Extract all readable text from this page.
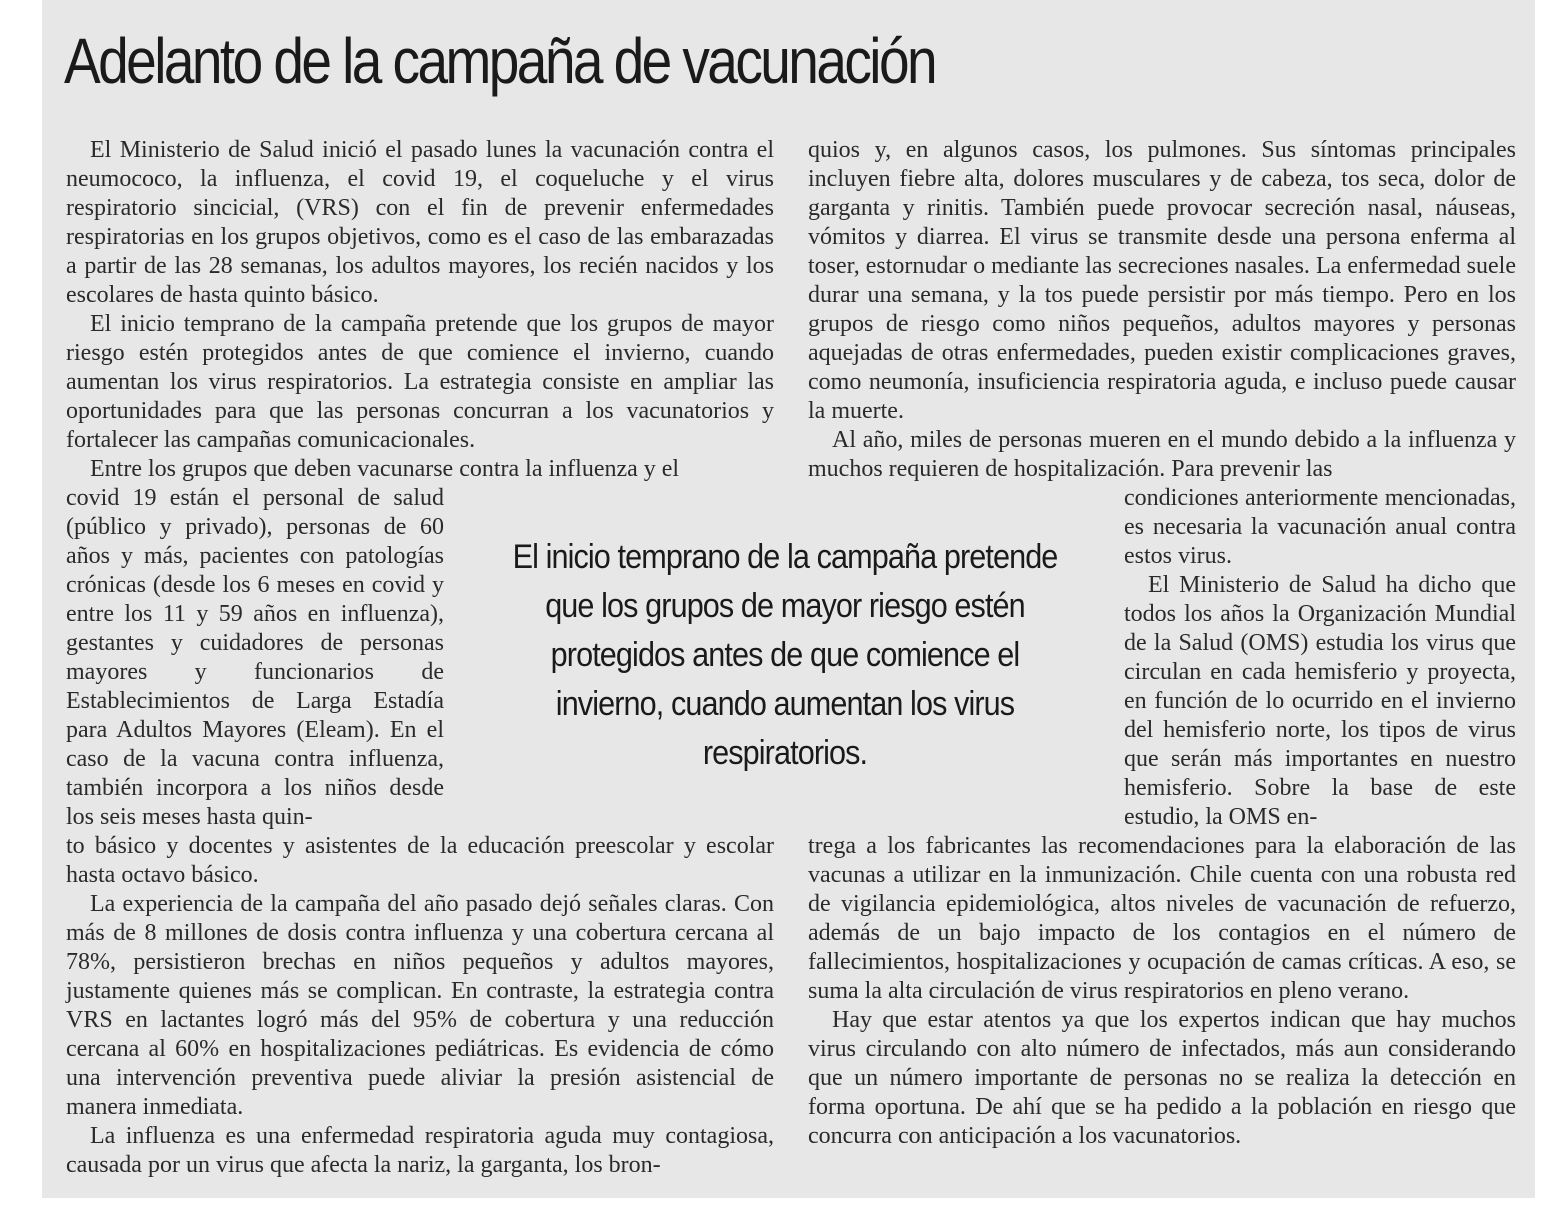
Adelanto de la campaña de vacunación

El Ministerio de Salud inició el pasado lunes la vacunación contra el neumococo, la influenza, el covid 19, el coqueluche y el virus respiratorio sincicial, (VRS) con el fin de prevenir enfermedades respiratorias en los grupos objetivos, como es el caso de las embarazadas a partir de las 28 semanas, los adultos mayores, los recién nacidos y los escolares de hasta quinto básico.

El inicio temprano de la campaña pretende que los grupos de mayor riesgo estén protegidos antes de que comience el invierno, cuando aumentan los virus respiratorios. La estrategia consiste en ampliar las oportunidades para que las personas concurran a los vacunatorios y fortalecer las campañas comunicacionales.

Entre los grupos que deben vacunarse contra la influenza y el

covid 19 están el personal de salud (público y privado), personas de 60 años y más, pacientes con patologías crónicas (desde los 6 meses en covid y entre los 11 y 59 años en influenza), gestantes y cuidadores de personas mayores y funcionarios de Establecimientos de Larga Estadía para Adultos Mayores (Eleam). En el caso de la vacuna contra influenza, también incorpora a los niños desde los seis meses hasta quin-

to básico y docentes y asistentes de la educación preescolar y escolar hasta octavo básico.

La experiencia de la campaña del año pasado dejó señales claras. Con más de 8 millones de dosis contra influenza y una cobertura cercana al 78%, persistieron brechas en niños pequeños y adultos mayores, justamente quienes más se complican. En contraste, la estrategia contra VRS en lactantes logró más del 95% de cobertura y una reducción cercana al 60% en hospitalizaciones pediátricas. Es evidencia de cómo una intervención preventiva puede aliviar la presión asistencial de manera inmediata.

La influenza es una enfermedad respiratoria aguda muy contagiosa, causada por un virus que afecta la nariz, la garganta, los bron-

quios y, en algunos casos, los pulmones. Sus síntomas principales incluyen fiebre alta, dolores musculares y de cabeza, tos seca, dolor de garganta y rinitis. También puede provocar secreción nasal, náuseas, vómitos y diarrea. El virus se transmite desde una persona enferma al toser, estornudar o mediante las secreciones nasales. La enfermedad suele durar una semana, y la tos puede persistir por más tiempo. Pero en los grupos de riesgo como niños pequeños, adultos mayores y personas aquejadas de otras enfermedades, pueden existir complicaciones graves, como neumonía, insuficiencia respiratoria aguda, e incluso puede causar la muerte.

Al año, miles de personas mueren en el mundo debido a la influenza y muchos requieren de hospitalización. Para prevenir las

condiciones anteriormente mencionadas, es necesaria la vacunación anual contra estos virus.

El Ministerio de Salud ha dicho que todos los años la Organización Mundial de la Salud (OMS) estudia los virus que circulan en cada hemisferio y proyecta, en función de lo ocurrido en el invierno del hemisferio norte, los tipos de virus que serán más importantes en nuestro hemisferio. Sobre la base de este estudio, la OMS en-

trega a los fabricantes las recomendaciones para la elaboración de las vacunas a utilizar en la inmunización. Chile cuenta con una robusta red de vigilancia epidemiológica, altos niveles de vacunación de refuerzo, además de un bajo impacto de los contagios en el número de fallecimientos, hospitalizaciones y ocupación de camas críticas. A eso, se suma la alta circulación de virus respiratorios en pleno verano.

Hay que estar atentos ya que los expertos indican que hay muchos virus circulando con alto número de infectados, más aun considerando que un número importante de personas no se realiza la detección en forma oportuna. De ahí que se ha pedido a la población en riesgo que concurra con anticipación a los vacunatorios.

El inicio temprano de la campaña pretende que los grupos de mayor riesgo estén protegidos antes de que comience el invierno, cuando aumentan los virus respiratorios.
